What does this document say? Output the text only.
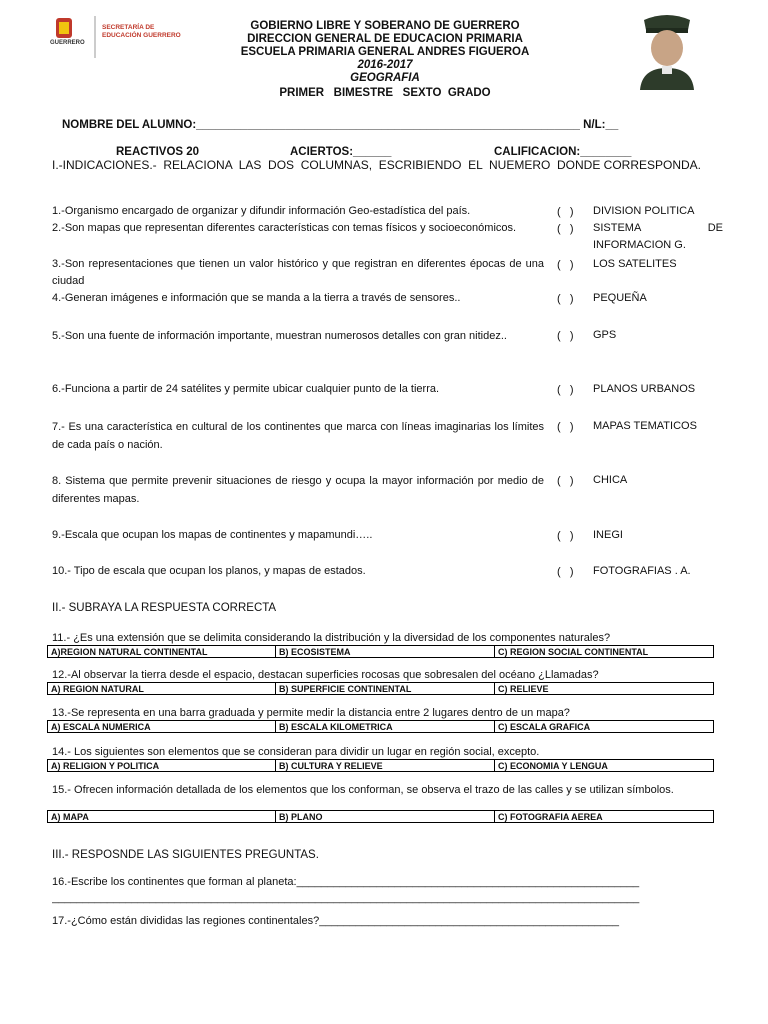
GUERRERO
SECRETARÍA DE
EDUCACIÓN GUERRERO
GOBIERNO LIBRE Y SOBERANO DE GUERRERO
DIRECCION GENERAL DE EDUCACION PRIMARIA
ESCUELA PRIMARIA GENERAL ANDRES FIGUEROA
2016-2017
GEOGRAFIA
PRIMER   BIMESTRE   SEXTO  GRADO
NOMBRE DEL ALUMNO:____________________________________________________________ N/L:__
REACTIVOS 20	ACIERTOS:______	CALIFICACION:________
I.-INDICACIONES.-  RELACIONA  LAS  DOS  COLUMNAS,  ESCRIBIENDO  EL  NUEMERO  DONDE CORRESPONDA.
1.-Organismo encargado de organizar y difundir información Geo-estadística del país.	(   ) DIVISION POLITICA
2.-Son mapas que representan diferentes características con temas físicos y socioeconómicos.	(   ) SISTEMA           DE INFORMACION G.
3.-Son representaciones que tienen un valor histórico y que registran en diferentes épocas de una ciudad
(   ) LOS SATELITES
4.-Generan imágenes e información que se manda a la tierra a través de sensores..	(   ) PEQUEÑA
5.-Son una fuente de información importante, muestran numerosos detalles con gran nitidez..	(   ) GPS
6.-Funciona a partir de 24 satélites y permite ubicar cualquier punto de la tierra.	(   ) PLANOS URBANOS
7.- Es una característica en cultural de los continentes que marca con líneas imaginarias los límites de cada país o nación.
(   ) MAPAS TEMATICOS
8. Sistema que permite prevenir situaciones de riesgo y ocupa la mayor información por medio de diferentes mapas.
(   ) CHICA
9.-Escala que ocupan los mapas de continentes y mapamundi…..	(   ) INEGI
10.- Tipo de escala que ocupan los planos, y mapas de estados.	(   ) FOTOGRAFIAS . A.
II.- SUBRAYA LA RESPUESTA CORRECTA
11.- ¿Es una extensión que se delimita considerando la distribución y la diversidad de los componentes naturales?
A)REGION NATURAL CONTINENTAL	B) ECOSISTEMA	C) REGION SOCIAL CONTINENTAL
12.-Al observar la tierra desde el espacio, destacan superficies rocosas que sobresalen del océano ¿Llamadas?
A) REGION NATURAL	B) SUPERFICIE CONTINENTAL	C) RELIEVE
13.-Se representa en una barra graduada y permite medir la distancia entre 2 lugares dentro de un mapa?
A) ESCALA NUMERICA	B) ESCALA KILOMETRICA	C) ESCALA GRAFICA
14.- Los siguientes son elementos que se consideran para dividir un lugar en región social, excepto.
A) RELIGION Y POLITICA	B) CULTURA Y RELIEVE	C) ECONOMIA Y LENGUA
15.- Ofrecen información detallada de los elementos que los conforman, se observa el trazo de las calles y se utilizan símbolos.
A) MAPA	B) PLANO	C) FOTOGRAFIA AEREA
III.- RESPOSNDE LAS SIGUIENTES PREGUNTAS.
16.-Escribe los continentes que forman al planeta:________________________________________________________
________________________________________________________________________________________________
17.-¿Cómo están divididas las regiones continentales?_________________________________________________
